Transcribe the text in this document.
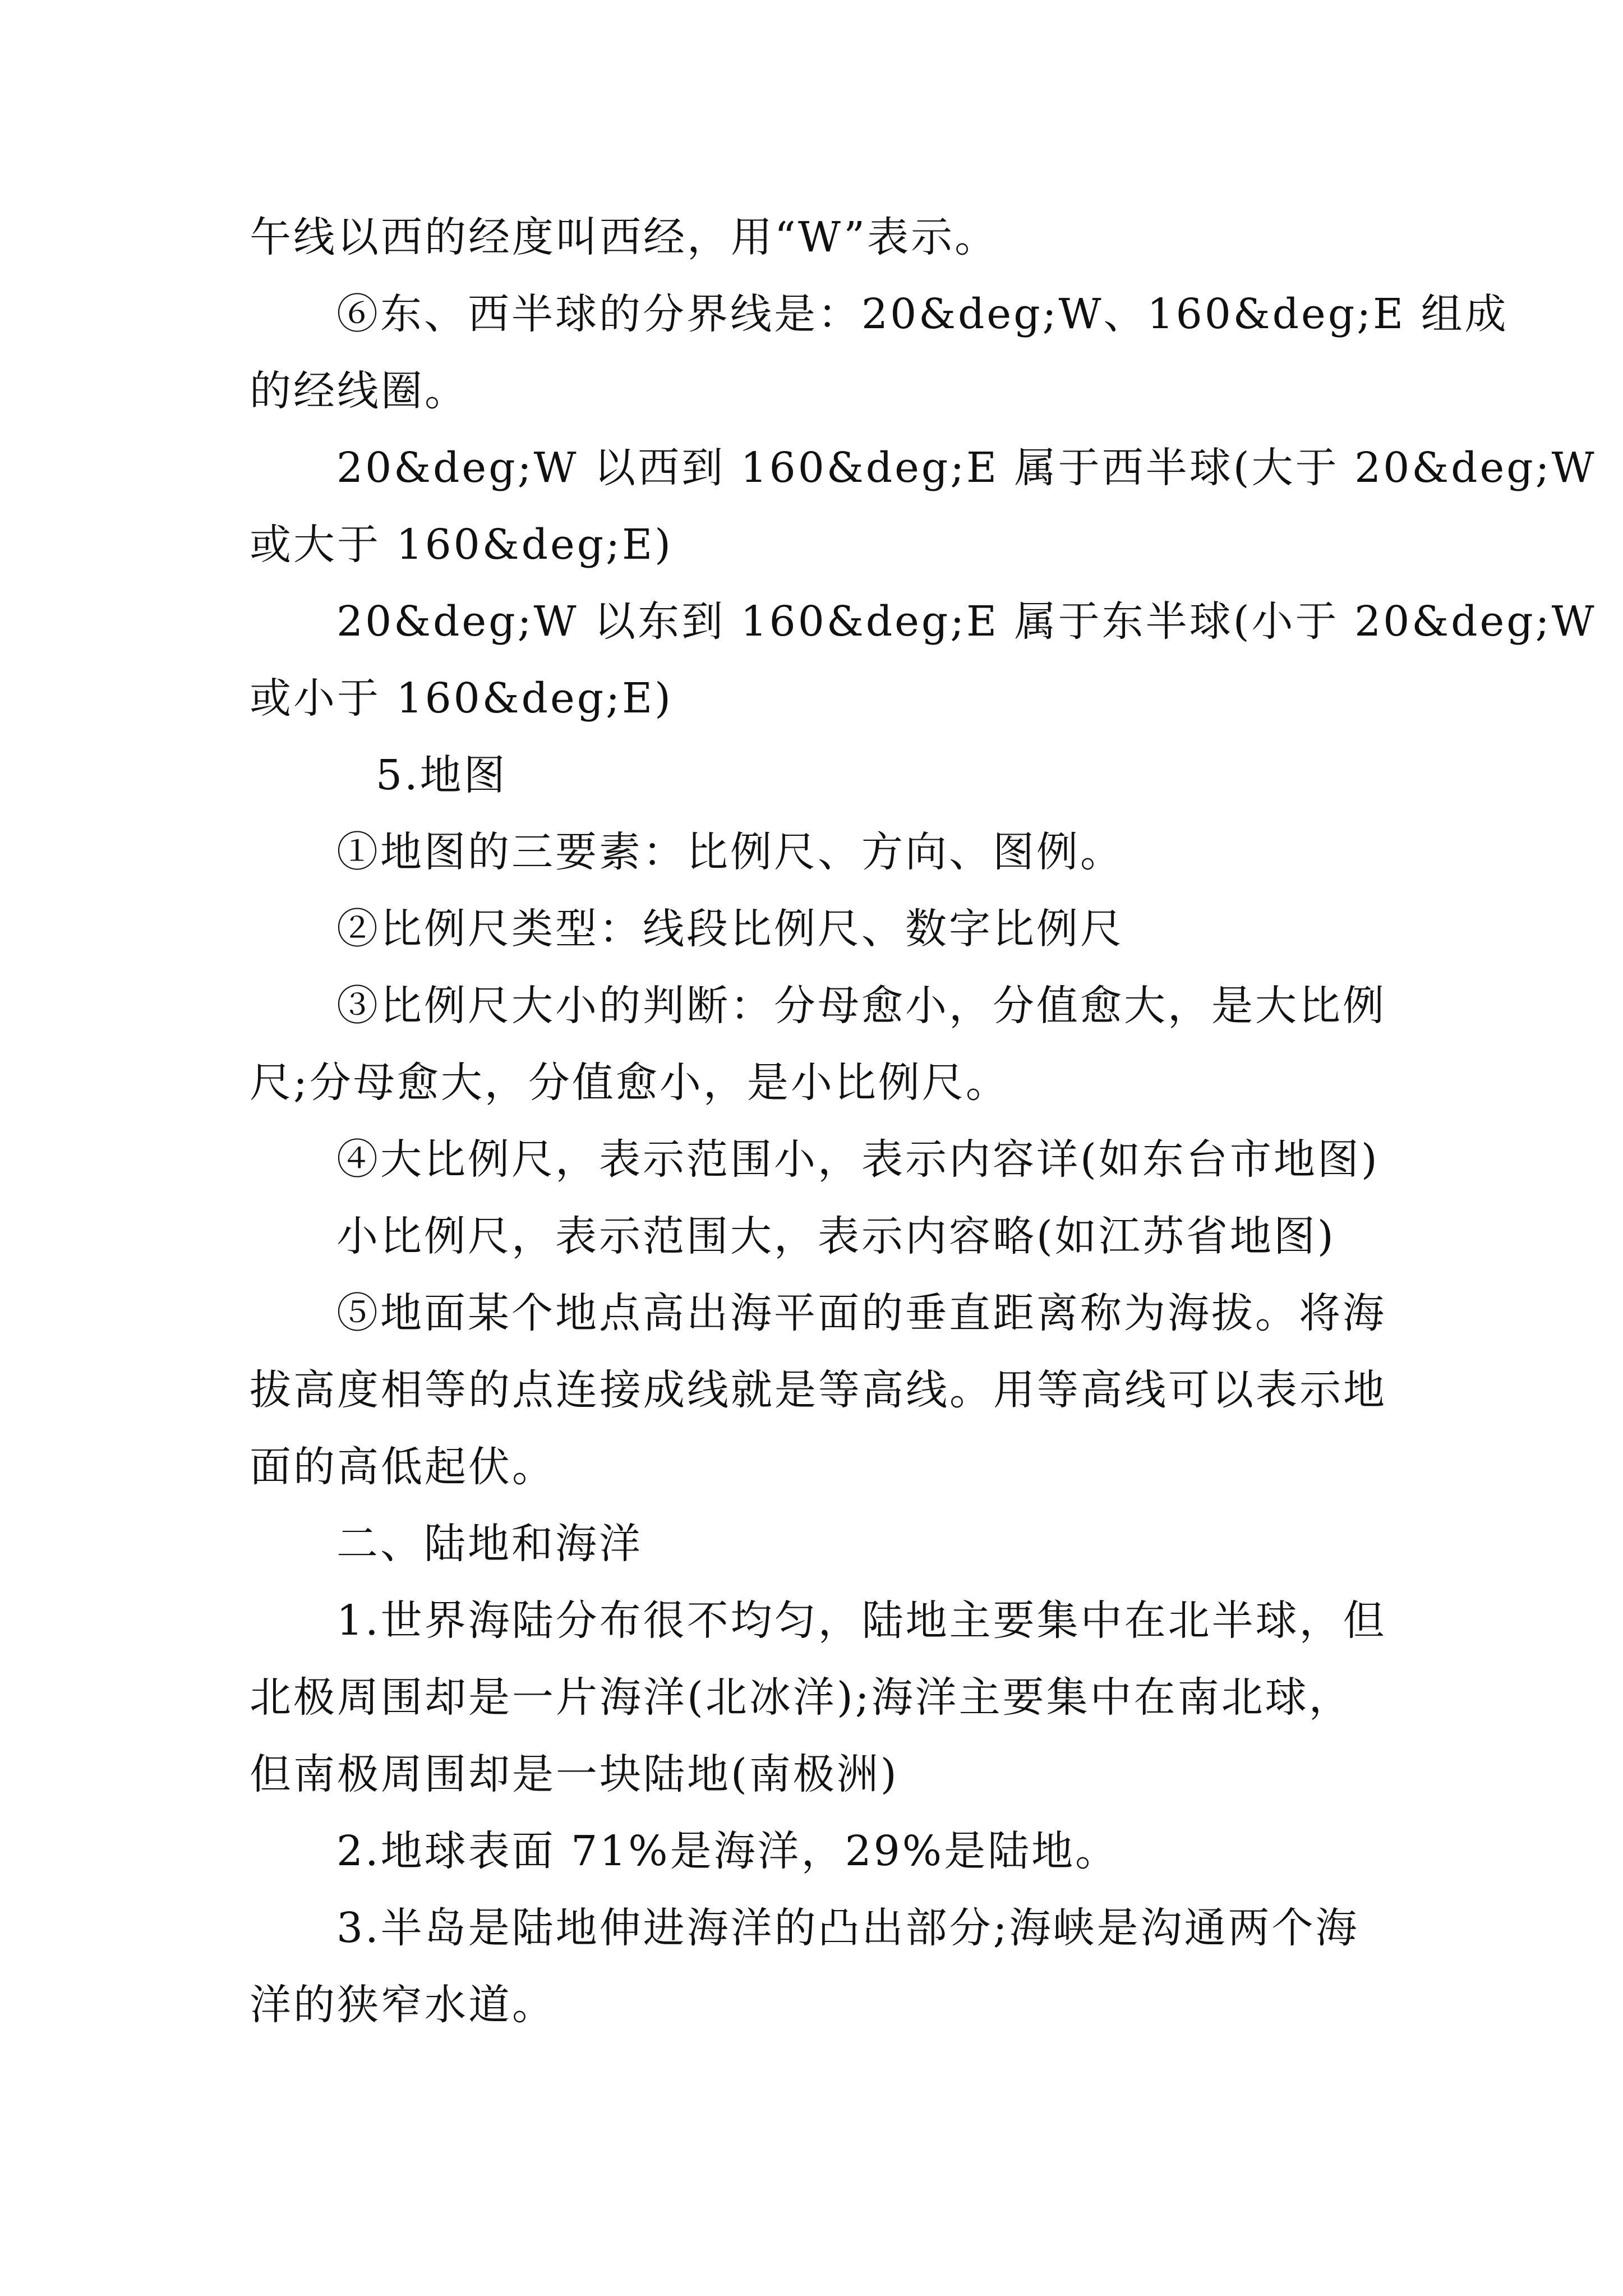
午线以西的经度叫西经，用“W”表示。

⑥东、西半球的分界线是：20&deg;W、160&deg;E 组成

的经线圈。

20&deg;W 以西到 160&deg;E 属于西半球(大于 20&deg;W

或大于 160&deg;E)

20&deg;W 以东到 160&deg;E 属于东半球(小于 20&deg;W

或小于 160&deg;E)

5.地图

①地图的三要素：比例尺、方向、图例。

②比例尺类型：线段比例尺、数字比例尺

③比例尺大小的判断：分母愈小，分值愈大，是大比例

尺;分母愈大，分值愈小，是小比例尺。

④大比例尺，表示范围小，表示内容详(如东台市地图)

小比例尺，表示范围大，表示内容略(如江苏省地图)

⑤地面某个地点高出海平面的垂直距离称为海拔。将海

拔高度相等的点连接成线就是等高线。用等高线可以表示地

面的高低起伏。

二、陆地和海洋

1.世界海陆分布很不均匀，陆地主要集中在北半球，但

北极周围却是一片海洋(北冰洋);海洋主要集中在南北球，

但南极周围却是一块陆地(南极洲)

2.地球表面 71%是海洋，29%是陆地。

3.半岛是陆地伸进海洋的凸出部分;海峡是沟通两个海

洋的狭窄水道。
